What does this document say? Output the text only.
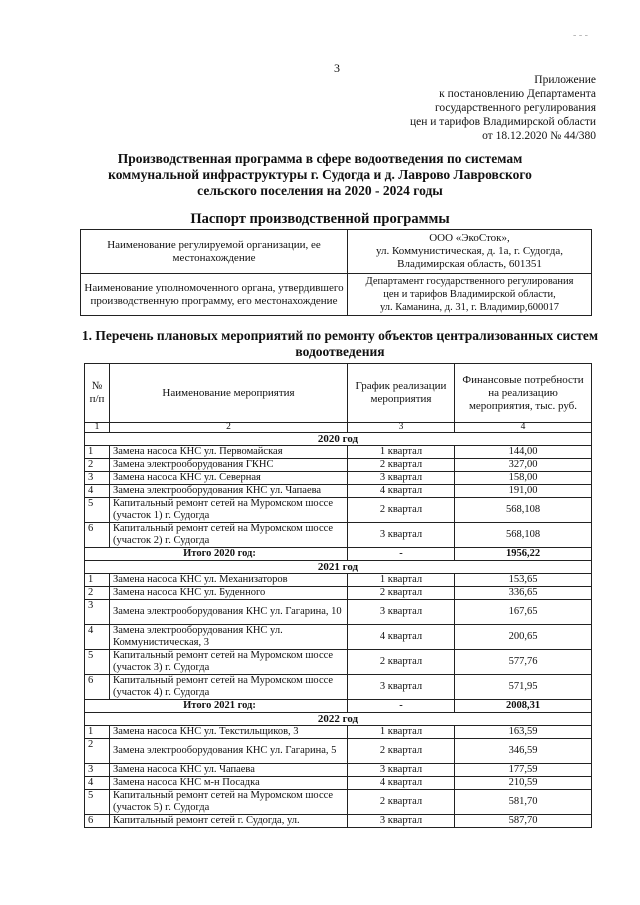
- - -
3
Приложение
к постановлению Департамента
государственного регулирования
цен и тарифов Владимирской области
от 18.12.2020 № 44/380
Производственная программа в сфере водоотведения по системам коммунальной инфраструктуры г. Судогда и д. Лаврово Лавровского сельского поселения на 2020 - 2024 годы
Паспорт производственной программы
Наименование регулируемой организации, ее местонахождение	ООО «ЭкоСток»,
ул. Коммунистическая, д. 1а, г. Судогда,
Владимирская область, 601351

Наименование уполномоченного органа, утвердившего производственную программу, его местонахождение	Департамент государственного регулирования
цен и тарифов Владимирской области,
ул. Каманина, д. 31, г. Владимир,600017
1. Перечень плановых мероприятий по ремонту объектов централизованных систем водоотведения
№ п/п	Наименование мероприятия	График реализации мероприятия	Финансовые потребности на реализацию мероприятия, тыс. руб.
1	2	3	4
2020 год			
1	Замена насоса КНС ул. Первомайская	1 квартал	144,00
2	Замена электрооборудования ГКНС	2 квартал	327,00
3	Замена насоса КНС ул. Северная	3 квартал	158,00
4	Замена электрооборудования КНС ул. Чапаева	4 квартал	191,00
5	Капитальный ремонт сетей на Муромском шоссе (участок 1) г. Судогда	2 квартал	568,108
6	Капитальный ремонт сетей на Муромском шоссе (участок 2) г. Судогда	3 квартал	568,108
Итого 2020 год:		-	1956,22
2021 год			
1	Замена насоса КНС ул. Механизаторов	1 квартал	153,65
2	Замена насоса КНС ул. Буденного	2 квартал	336,65
3	Замена электрооборудования КНС ул. Гагарина, 10	3 квартал	167,65
4	Замена электрооборудования КНС ул. Коммунистическая, 3	4 квартал	200,65
5	Капитальный ремонт сетей на Муромском шоссе (участок 3) г. Судогда	2 квартал	577,76
6	Капитальный ремонт сетей на Муромском шоссе (участок 4) г. Судогда	3 квартал	571,95
Итого 2021 год:		-	2008,31
2022 год			
1	Замена насоса КНС ул. Текстильщиков, 3	1 квартал	163,59
2	Замена электрооборудования КНС ул. Гагарина, 5	2 квартал	346,59
3	Замена насоса КНС ул. Чапаева	3 квартал	177,59
4	Замена насоса КНС м-н Посадка	4 квартал	210,59
5	Капитальный ремонт сетей на Муромском шоссе (участок 5) г. Судогда	2 квартал	581,70
6	Капитальный ремонт сетей г. Судогда, ул.	3 квартал	587,70
